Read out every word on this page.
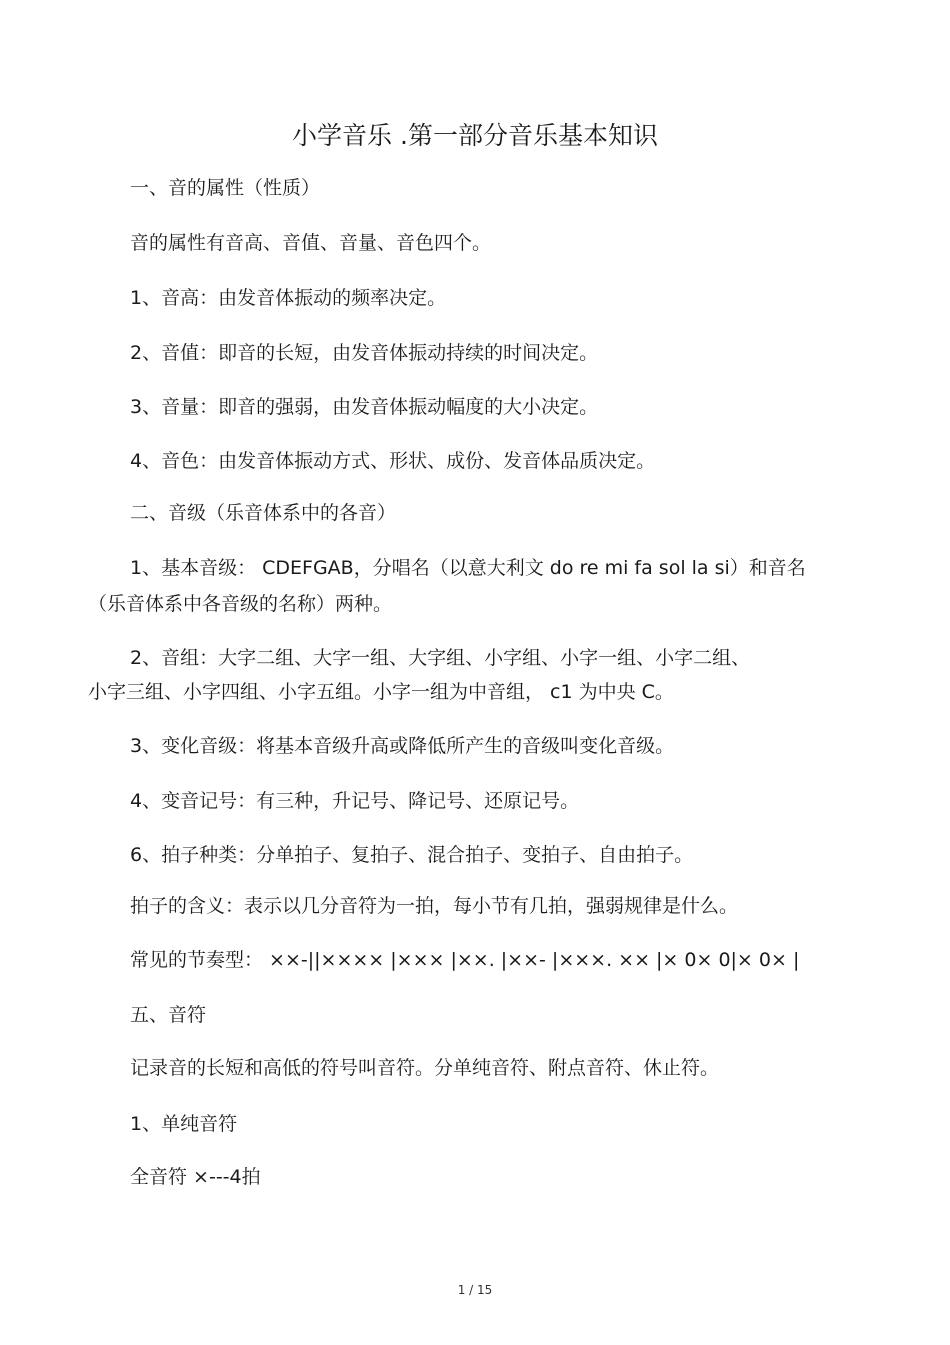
小学音乐 .第一部分音乐基本知识
一、音的属性（性质）
音的属性有音高、音值、音量、音色四个。
1、音高：由发音体振动的频率决定。
2、音值：即音的长短，由发音体振动持续的时间决定。
3、音量：即音的强弱，由发音体振动幅度的大小决定。
4、音色：由发音体振动方式、形状、成份、发音体品质决定。
二、音级（乐音体系中的各音）
1、基本音级： CDEFGAB，分唱名（以意大利文 do re mi fa sol la si）和音名
（乐音体系中各音级的名称）两种。
2、音组：大字二组、大字一组、大字组、小字组、小字一组、小字二组、
小字三组、小字四组、小字五组。小字一组为中音组， c1 为中央 C。
3、变化音级：将基本音级升高或降低所产生的音级叫变化音级。
4、变音记号：有三种，升记号、降记号、还原记号。
6、拍子种类：分单拍子、复拍子、混合拍子、变拍子、自由拍子。
拍子的含义：表示以几分音符为一拍，每小节有几拍，强弱规律是什么。
常见的节奏型： ××-||×××× |××× |××. |××- |×××. ×× |× 0× 0|× 0× |
五、音符
记录音的长短和高低的符号叫音符。分单纯音符、附点音符、休止符。
1、单纯音符
全音符 ×---4拍
1 / 15
